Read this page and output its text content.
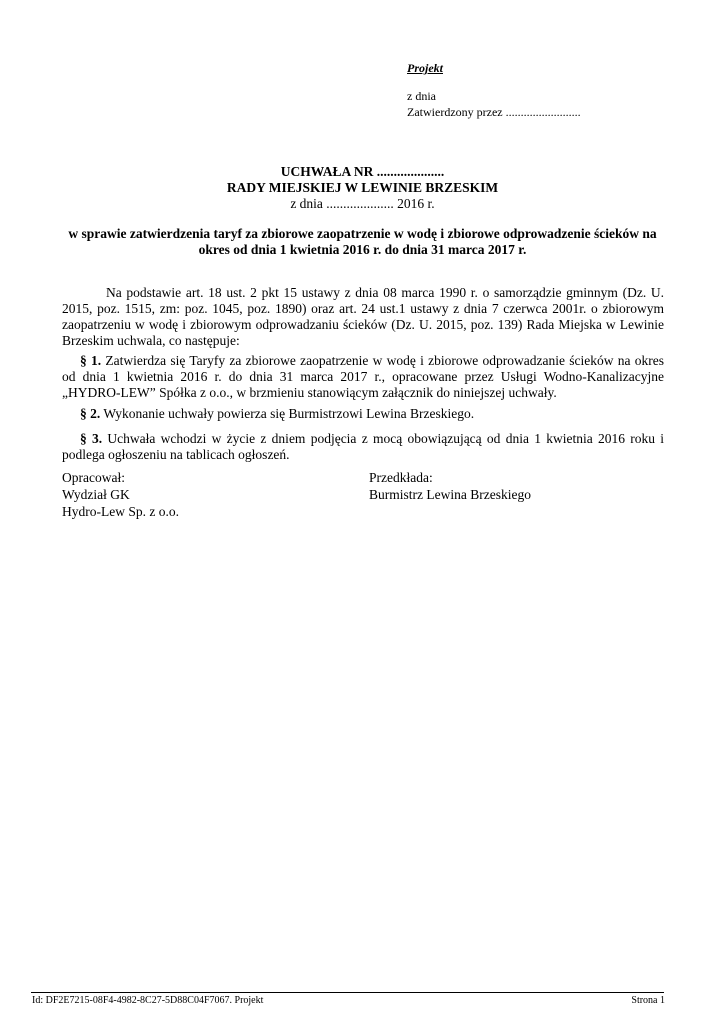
Projekt
z dnia
Zatwierdzony przez .........................
UCHWAŁA NR ....................
RADY MIEJSKIEJ W LEWINIE BRZESKIM
z dnia .................... 2016 r.
w sprawie zatwierdzenia taryf za zbiorowe zaopatrzenie w wodę i zbiorowe odprowadzenie ścieków na okres od dnia 1 kwietnia 2016 r. do dnia 31 marca 2017 r.
Na podstawie art. 18 ust. 2 pkt 15 ustawy z dnia 08 marca 1990 r. o samorządzie gminnym (Dz. U. 2015, poz. 1515, zm: poz. 1045, poz. 1890) oraz art. 24 ust.1 ustawy z dnia 7 czerwca 2001r. o zbiorowym zaopatrzeniu w wodę i zbiorowym odprowadzaniu ścieków (Dz. U. 2015, poz. 139) Rada Miejska w Lewinie Brzeskim uchwala, co następuje:
§ 1. Zatwierdza się Taryfy za zbiorowe zaopatrzenie w wodę i zbiorowe odprowadzanie ścieków na okres od dnia 1 kwietnia 2016 r. do dnia 31 marca 2017 r., opracowane przez Usługi Wodno-Kanalizacyjne „HYDRO-LEW” Spółka z o.o., w brzmieniu stanowiącym załącznik do niniejszej uchwały.
§ 2. Wykonanie uchwały powierza się Burmistrzowi Lewina Brzeskiego.
§ 3. Uchwała wchodzi w życie z dniem podjęcia z mocą obowiązującą od dnia 1 kwietnia 2016 roku i podlega ogłoszeniu na tablicach ogłoszeń.
Opracował:
Wydział GK
Hydro-Lew Sp. z o.o.
Przedkłada:
Burmistrz Lewina Brzeskiego
Id: DF2E7215-08F4-4982-8C27-5D88C04F7067. Projekt	Strona 1
